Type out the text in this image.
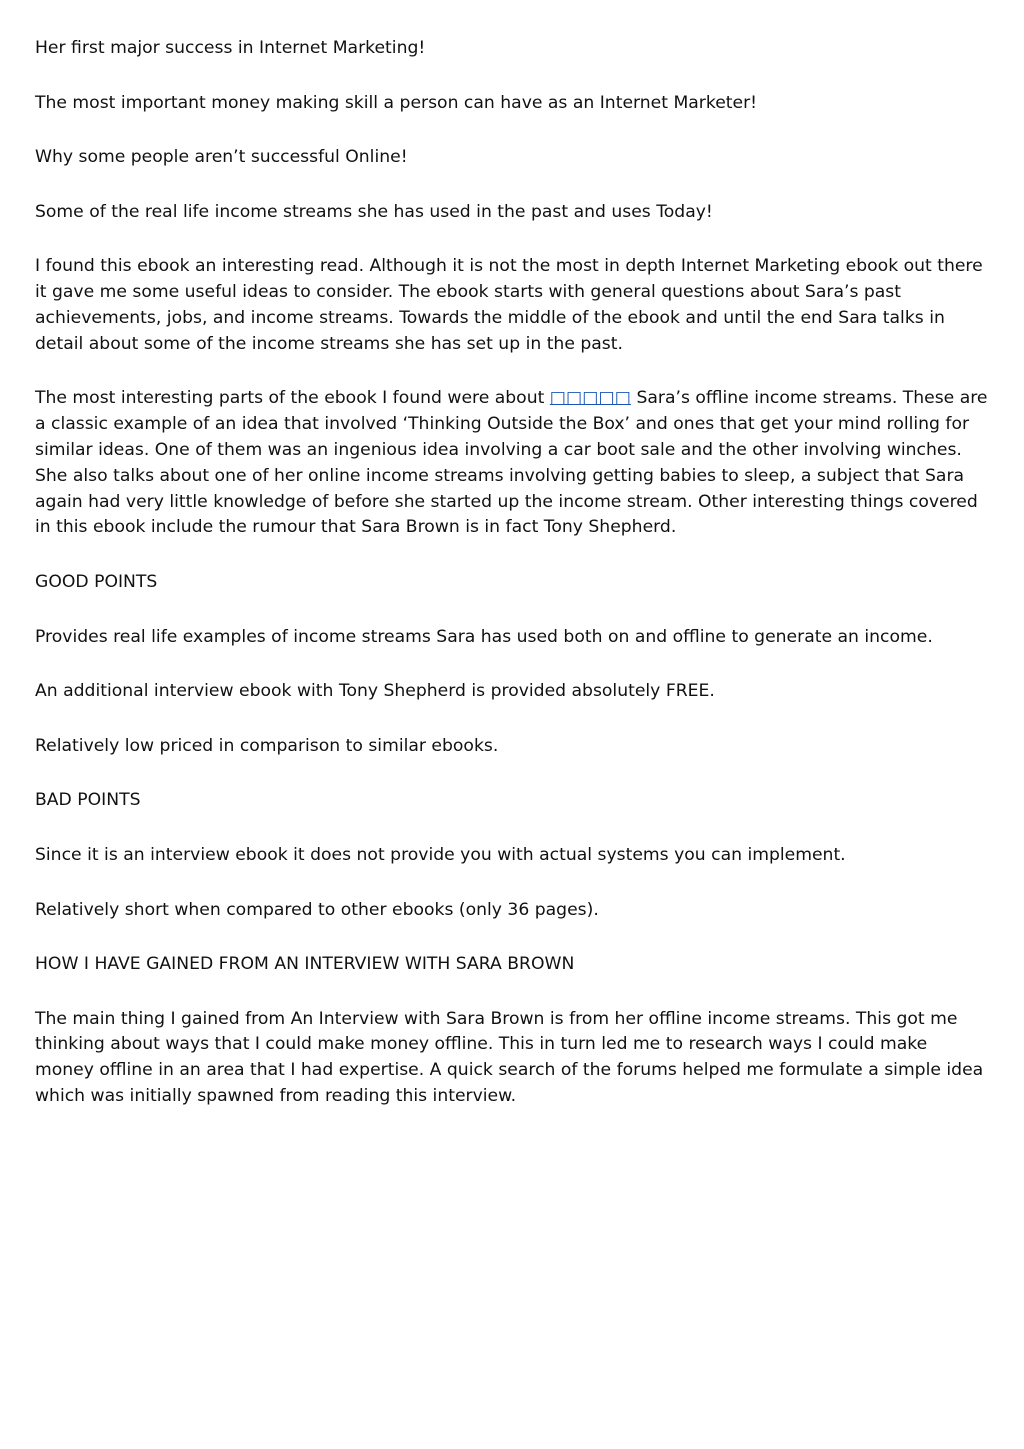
Her first major success in Internet Marketing!

The most important money making skill a person can have as an Internet Marketer!

Why some people aren’t successful Online!

Some of the real life income streams she has used in the past and uses Today!

I found this ebook an interesting read. Although it is not the most in depth Internet Marketing ebook out there it gave me some useful ideas to consider. The ebook starts with general questions about Sara’s past achievements, jobs, and income streams. Towards the middle of the ebook and until the end Sara talks in detail about some of the income streams she has set up in the past.

The most interesting parts of the ebook I found were about □□□□□ Sara’s offline income streams. These are a classic example of an idea that involved ‘Thinking Outside the Box’ and ones that get your mind rolling for similar ideas. One of them was an ingenious idea involving a car boot sale and the other involving winches. She also talks about one of her online income streams involving getting babies to sleep, a subject that Sara again had very little knowledge of before she started up the income stream. Other interesting things covered in this ebook include the rumour that Sara Brown is in fact Tony Shepherd.

GOOD POINTS

Provides real life examples of income streams Sara has used both on and offline to generate an income.

An additional interview ebook with Tony Shepherd is provided absolutely FREE.

Relatively low priced in comparison to similar ebooks.

BAD POINTS

Since it is an interview ebook it does not provide you with actual systems you can implement.

Relatively short when compared to other ebooks (only 36 pages).

HOW I HAVE GAINED FROM AN INTERVIEW WITH SARA BROWN

The main thing I gained from An Interview with Sara Brown is from her offline income streams. This got me thinking about ways that I could make money offline. This in turn led me to research ways I could make money offline in an area that I had expertise. A quick search of the forums helped me formulate a simple idea which was initially spawned from reading this interview.
